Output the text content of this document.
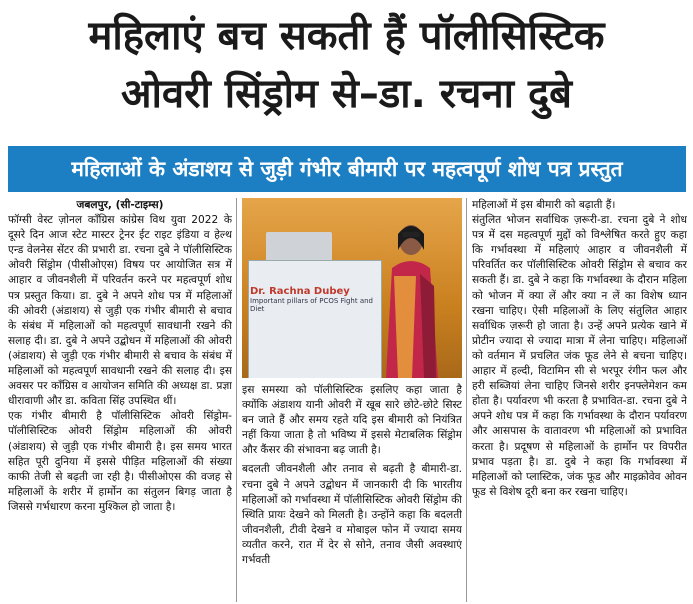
महिलाएं बच सकती हैं पॉलीसिस्टिक
ओवरी सिंड्रोम से–डा. रचना दुबे
महिलाओं के अंडाशय से जुड़ी गंभीर बीमारी पर महत्वपूर्ण शोध पत्र प्रस्तुत

जबलपुर, (सी-टाइम्स)

फॉग्सी वेस्ट ज़ोनल कॉंग्रिस कांग्रेस विथ युवा 2022 के दूसरे दिन आज स्टेट मास्टर ट्रेनर ईट राइट इंडिया व हेल्थ एन्ड वेलनेस सेंटर की प्रभारी डा. रचना दुबे ने पॉलीसिस्टिक ओवरी सिंड्रोम (पीसीओएस) विषय पर आयोजित सत्र में आहार व जीवनशैली में परिवर्तन करने पर महत्वपूर्ण शोध पत्र प्रस्तुत किया। डा. दुबे ने अपने शोध पत्र में महिलाओं की ओवरी (अंडाशय) से जुड़ी एक गंभीर बीमारी से बचाव के संबंध में महिलाओं को महत्वपूर्ण सावधानी रखने की सलाह दी। डा. दुबे ने अपने उद्बोधन में महिलाओं की ओवरी (अंडाशय) से जुड़ी एक गंभीर बीमारी से बचाव के संबंध में महिलाओं को महत्वपूर्ण सावधानी रखने की सलाह दी। इस अवसर पर कॉंग्रिस व आयोजन समिति की अध्यक्ष डा. प्रज्ञा धीरावाणी और डा. कविता सिंह उपस्थित थीं।

एक गंभीर बीमारी है पॉलीसिस्टिक ओवरी सिंड्रोम-पॉलीसिस्टिक ओवरी सिंड्रोम महिलाओं की ओवरी (अंडाशय) से जुड़ी एक गंभीर बीमारी है। इस समय भारत सहित पूरी दुनिया में इससे पीड़ित महिलाओं की संख्या काफी तेजी से बढ़ती जा रही है। पीसीओएस की वजह से महिलाओं के शरीर में हार्मोन का संतुलन बिगड़ जाता है जिससे गर्भधारण करना मुश्किल हो जाता है।

Dr. Rachna Dubey
Important pillars of PCOS Fight and Diet

इस समस्या को पॉलीसिस्टिक इसलिए कहा जाता है क्योंकि अंडाशय यानी ओवरी में खूब सारे छोटे-छोटे सिस्ट बन जाते हैं और समय रहते यदि इस बीमारी को नियंत्रित नहीं किया जाता है तो भविष्य में इससे मेटाबलिक सिंड्रोम और कैंसर की संभावना बढ़ जाती है।

बदलती जीवनशैली और तनाव से बढ़ती है बीमारी-डा. रचना दुबे ने अपने उद्बोधन में जानकारी दी कि भारतीय महिलाओं को गर्भावस्था में पॉलीसिस्टिक ओवरी सिंड्रोम की स्थिति प्रायः देखने को मिलती है। उन्होंने कहा कि बदलती जीवनशैली, टीवी देखने व मोबाइल फोन में ज्यादा समय व्यतीत करने, रात में देर से सोने, तनाव जैसी अवस्थाएं गर्भवती

महिलाओं में इस बीमारी को बढ़ाती हैं।

संतुलित भोजन सर्वाधिक ज़रूरी-डा. रचना दुबे ने शोध पत्र में दस महत्वपूर्ण मुद्दों को विश्लेषित करते हुए कहा कि गर्भावस्था में महिलाएं आहार व जीवनशैली में परिवर्तित कर पॉलीसिस्टिक ओवरी सिंड्रोम से बचाव कर सकती हैं। डा. दुबे ने कहा कि गर्भावस्था के दौरान महिला को भोजन में क्या लें और क्या न लें का विशेष ध्यान रखना चाहिए। ऐसी महिलाओं के लिए संतुलित आहार सर्वाधिक ज़रूरी हो जाता है। उन्हें अपने प्रत्येक खाने में प्रोटीन ज्यादा से ज्यादा मात्रा में लेना चाहिए। महिलाओं को वर्तमान में प्रचलित जंक फूड लेने से बचना चाहिए। आहार में हल्दी, विटामिन सी से भरपूर रंगीन फल और हरी सब्जियां लेना चाहिए जिनसे शरीर इनफ्लेमेशन कम होता है। पर्यावरण भी करता है प्रभावित-डा. रचना दुबे ने अपने शोध पत्र में कहा कि गर्भावस्था के दौरान पर्यावरण और आसपास के वातावरण भी महिलाओं को प्रभावित करता है। प्रदूषण से महिलाओं के हार्मोन पर विपरीत प्रभाव पड़ता है। डा. दुबे ने कहा कि गर्भावस्था में महिलाओं को प्लास्टिक, जंक फूड और माइक्रोवेव ओवन फूड से विशेष दूरी बना कर रखना चाहिए।
